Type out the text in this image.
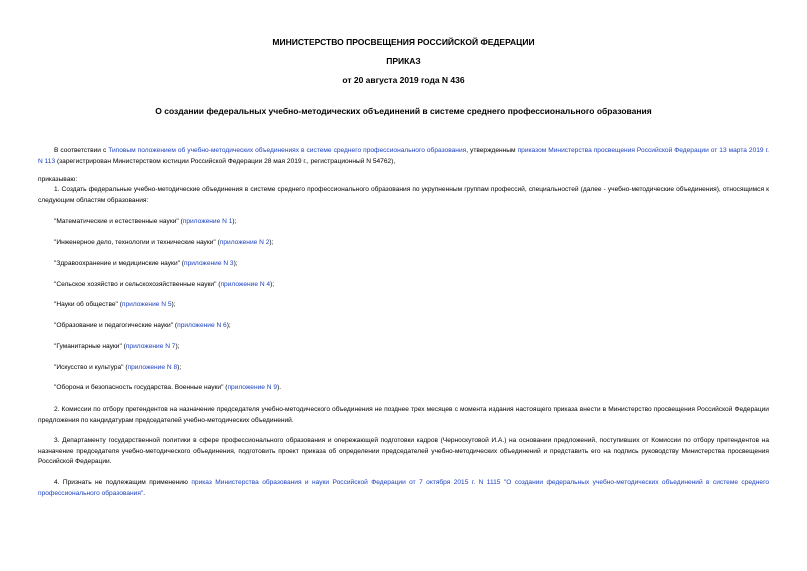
МИНИСТЕРСТВО ПРОСВЕЩЕНИЯ РОССИЙСКОЙ ФЕДЕРАЦИИ
ПРИКАЗ
от 20 августа 2019 года N 436
О создании федеральных учебно-методических объединений в системе среднего профессионального образования
В соответствии с Типовым положением об учебно-методических объединениях в системе среднего профессионального образования, утвержденным приказом Министерства просвещения Российской Федерации от 13 марта 2019 г. N 113 (зарегистрирован Министерством юстиции Российской Федерации 28 мая 2019 г., регистрационный N 54762),
приказываю:
1. Создать федеральные учебно-методические объединения в системе среднего профессионального образования по укрупненным группам профессий, специальностей (далее - учебно-методические объединения), относящимся к следующим областям образования:
"Математические и естественные науки" (приложение N 1);
"Инженерное дело, технологии и технические науки" (приложение N 2);
"Здравоохранение и медицинские науки" (приложение N 3);
"Сельское хозяйство и сельскохозяйственные науки" (приложение N 4);
"Науки об обществе" (приложение N 5);
"Образование и педагогические науки" (приложение N 6);
"Гуманитарные науки" (приложение N 7);
"Искусство и культура" (приложение N 8);
"Оборона и безопасность государства. Военные науки" (приложение N 9).
2. Комиссии по отбору претендентов на назначение председателя учебно-методического объединения не позднее трех месяцев с момента издания настоящего приказа внести в Министерство просвещения Российской Федерации предложения по кандидатурам председателей учебно-методических объединений.
3. Департаменту государственной политики в сфере профессионального образования и опережающей подготовки кадров (Черноскутовой И.А.) на основании предложений, поступивших от Комиссии по отбору претендентов на назначение председателя учебно-методического объединения, подготовить проект приказа об определении председателей учебно-методических объединений и представить его на подпись руководству Министерства просвещения Российской Федерации.
4. Признать не подлежащим применению приказ Министерства образования и науки Российской Федерации от 7 октября 2015 г. N 1115 "О создании федеральных учебно-методических объединений в системе среднего профессионального образования".
